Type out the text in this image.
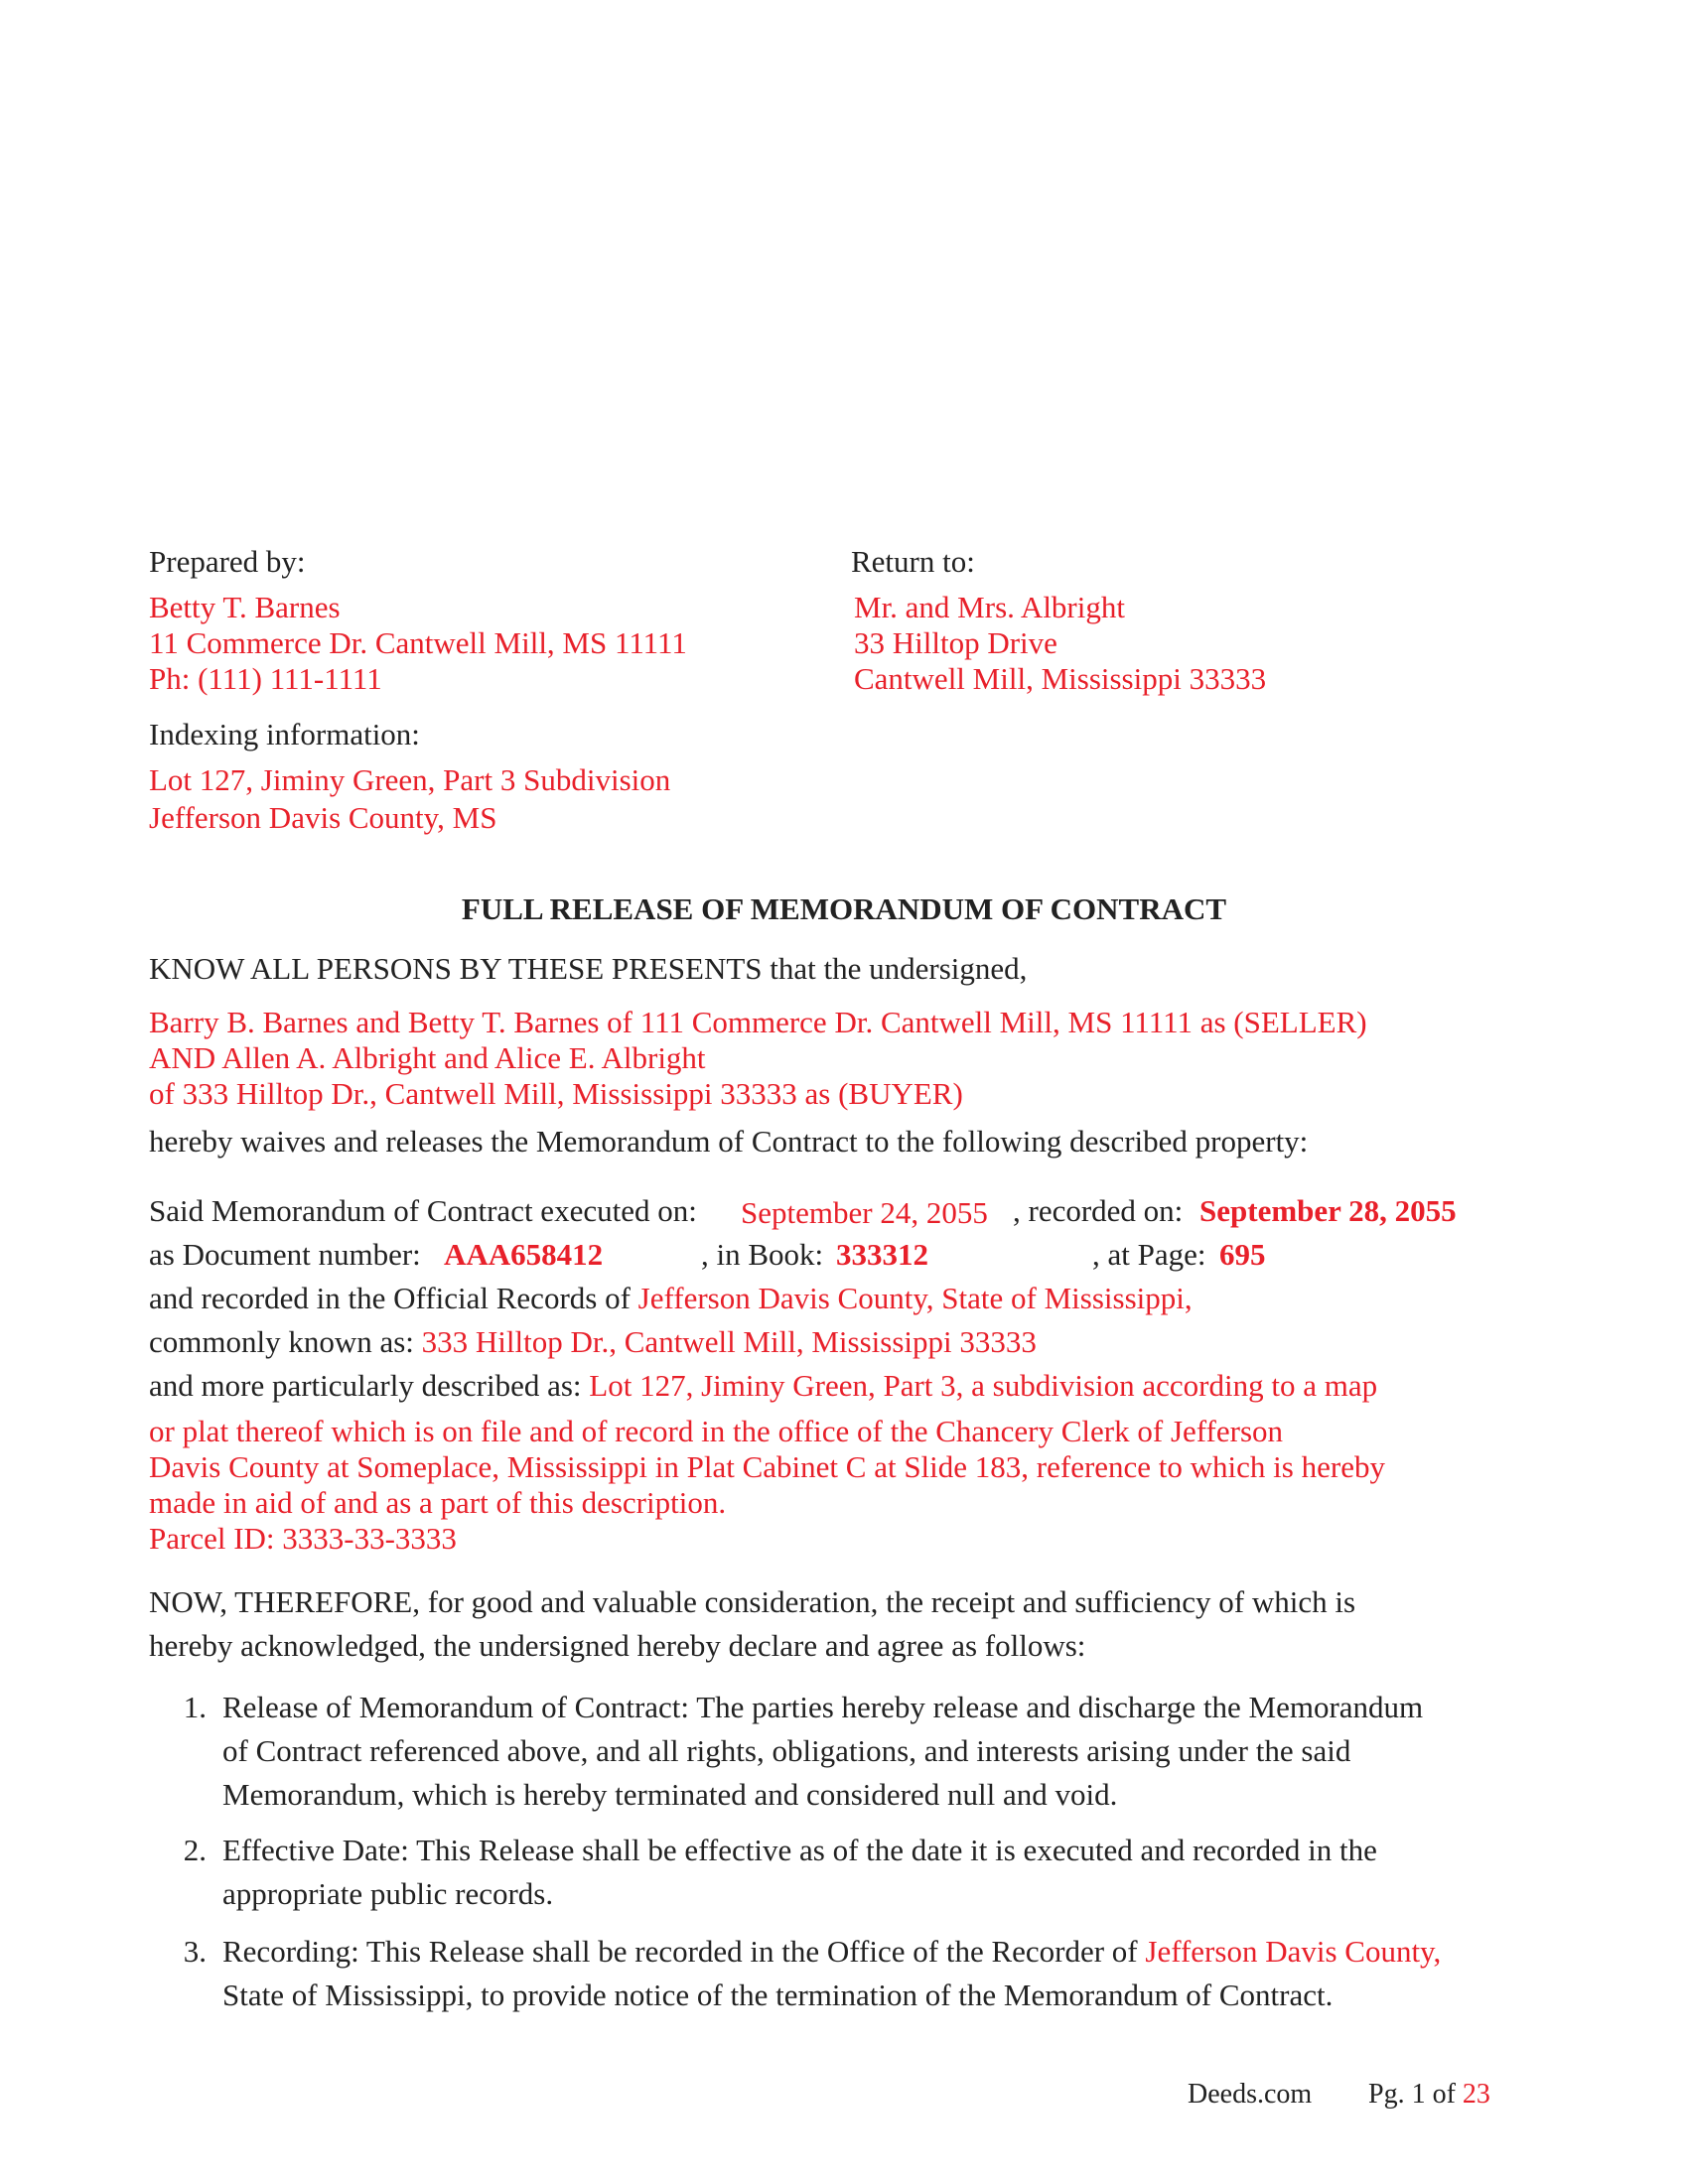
Prepared by:
Betty T. Barnes
11 Commerce Dr. Cantwell Mill, MS 11111
Ph: (111) 111-1111
Return to:
Mr. and Mrs. Albright
33 Hilltop Drive
Cantwell Mill, Mississippi 33333
Indexing information:
Lot 127, Jiminy Green, Part 3 Subdivision
Jefferson Davis County, MS
FULL RELEASE OF MEMORANDUM OF CONTRACT
KNOW ALL PERSONS BY THESE PRESENTS that the undersigned,
Barry B. Barnes and Betty T. Barnes of 111 Commerce Dr. Cantwell Mill, MS 11111 as (SELLER)
AND Allen A. Albright and Alice E. Albright
of 333 Hilltop Dr., Cantwell Mill, Mississippi 33333 as (BUYER)
hereby waives and releases the Memorandum of Contract to the following described property:
Said Memorandum of Contract executed on: September 24, 2055 , recorded on: September 28, 2055
as Document number: AAA658412	, in Book: 333312	, at Page: 695
and recorded in the Official Records of Jefferson Davis County, State of Mississippi,
commonly known as: 333 Hilltop Dr., Cantwell Mill, Mississippi 33333
and more particularly described as: Lot 127, Jiminy Green, Part 3, a subdivision according to a map
or plat thereof which is on file and of record in the office of the Chancery Clerk of Jefferson
Davis County at Someplace, Mississippi in Plat Cabinet C at Slide 183, reference to which is hereby
made in aid of and as a part of this description.
Parcel ID: 3333-33-3333
NOW, THEREFORE, for good and valuable consideration, the receipt and sufficiency of which is
hereby acknowledged, the undersigned hereby declare and agree as follows:
1. Release of Memorandum of Contract: The parties hereby release and discharge the Memorandum
of Contract referenced above, and all rights, obligations, and interests arising under the said
Memorandum, which is hereby terminated and considered null and void.
2. Effective Date: This Release shall be effective as of the date it is executed and recorded in the
appropriate public records.
3. Recording: This Release shall be recorded in the Office of the Recorder of Jefferson Davis County,
State of Mississippi, to provide notice of the termination of the Memorandum of Contract.
Deeds.com Pg. 1 of 23
